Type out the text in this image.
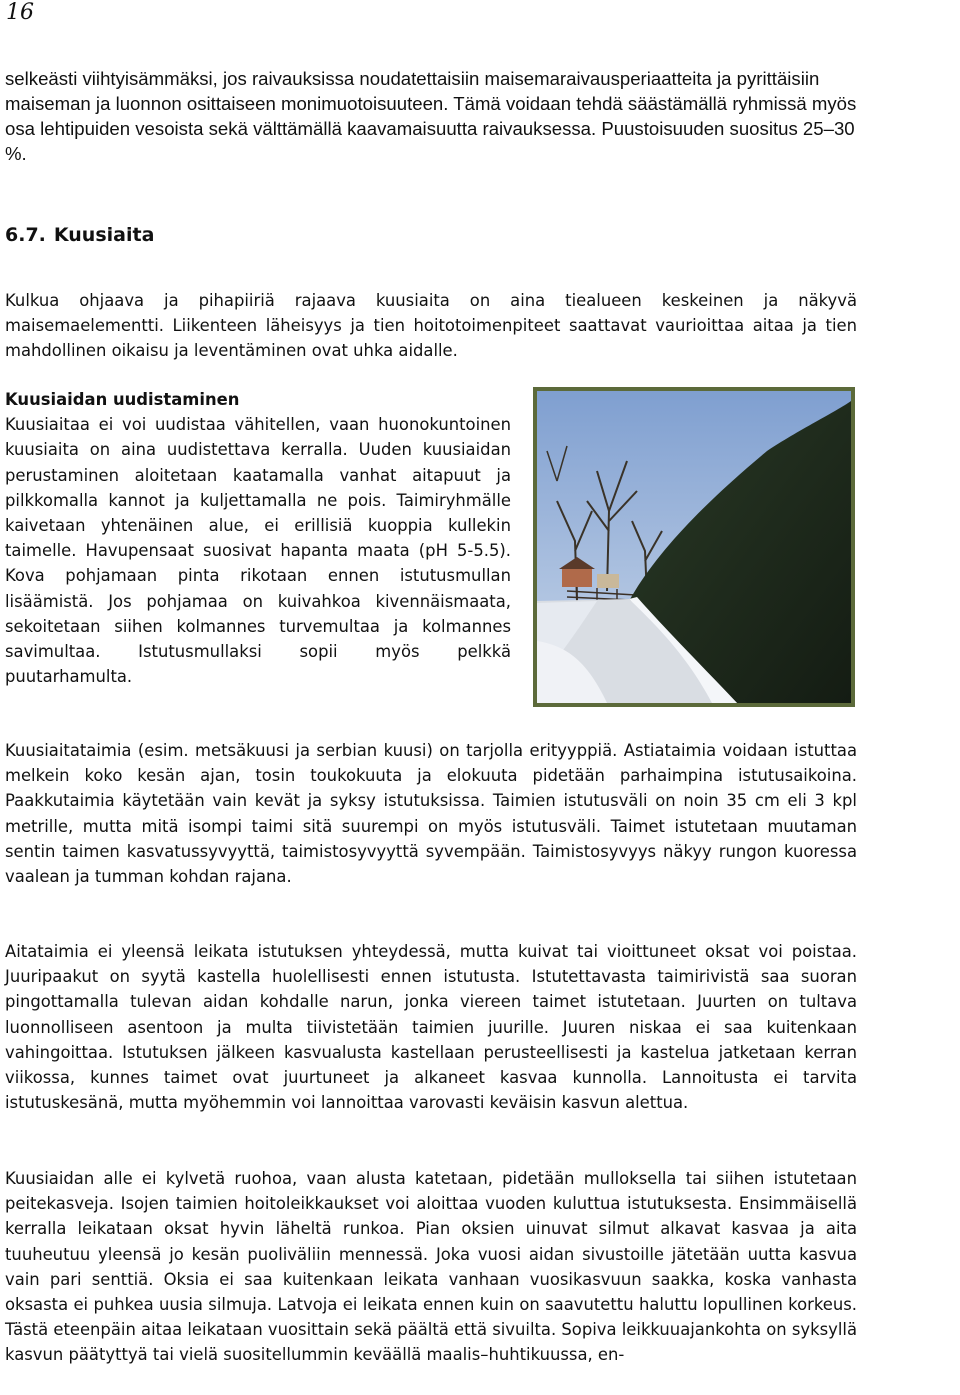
16

selkeästi viihtyisämmäksi, jos raivauksissa noudatettaisiin maisemaraivausperiaatteita ja pyrittäisiin maiseman ja luonnon osittaiseen monimuotoisuuteen. Tämä voidaan tehdä säästämällä ryhmissä myös osa lehtipuiden vesoista sekä välttämällä kaavamaisuutta raivauksessa. Puustoisuuden suositus 25–30 %.

6.7. Kuusiaita

Kulkua ohjaava ja pihapiiriä rajaava kuusiaita on aina tiealueen keskeinen ja näkyvä maisemaelementti. Liikenteen läheisyys ja tien hoitotoimenpiteet saattavat vaurioittaa aitaa ja tien mahdollinen oikaisu ja leventäminen ovat uhka aidalle.

Kuusiaidan uudistaminen
Kuusiaitaa ei voi uudistaa vähitellen, vaan huonokuntoinen kuusiaita on aina uudistettava kerralla. Uuden kuusiaidan perustaminen aloitetaan kaatamalla vanhat aitapuut ja pilkkomalla kannot ja kuljettamalla ne pois. Taimiryhmälle kaivetaan yhtenäinen alue, ei erillisiä kuoppia kullekin taimelle. Havupensaat suosivat hapanta maata (pH 5-5.5). Kova pohjamaan pinta rikotaan ennen istutusmullan lisäämistä. Jos pohjamaa on kuivahkoa kivennäismaata, sekoitetaan siihen kolmannes turvemultaa ja kolmannes savimultaa. Istutusmullaksi sopii myös pelkkä puutarhamulta.

Kuusiaitataimia (esim. metsäkuusi ja serbian kuusi) on tarjolla erityyppiä. Astiataimia voidaan istuttaa melkein koko kesän ajan, tosin toukokuuta ja elokuuta pidetään parhaimpina istutusaikoina. Paakkutaimia käytetään vain kevät ja syksy istutuksissa. Taimien istutusväli on noin 35 cm eli 3 kpl metrille, mutta mitä isompi taimi sitä suurempi on myös istutusväli. Taimet istutetaan muutaman sentin taimen kasvatussyvyyttä, taimistosyvyyttä syvempään. Taimistosyvyys näkyy rungon kuoressa vaalean ja tumman kohdan rajana.

Aitataimia ei yleensä leikata istutuksen yhteydessä, mutta kuivat tai vioittuneet oksat voi poistaa. Juuripaakut on syytä kastella huolellisesti ennen istutusta. Istutettavasta taimirivistä saa suoran pingottamalla tulevan aidan kohdalle narun, jonka viereen taimet istutetaan. Juurten on tultava luonnolliseen asentoon ja multa tiivistetään taimien juurille. Juuren niskaa ei saa kuitenkaan vahingoittaa. Istutuksen jälkeen kasvualusta kastellaan perusteellisesti ja kastelua jatketaan kerran viikossa, kunnes taimet ovat juurtuneet ja alkaneet kasvaa kunnolla. Lannoitusta ei tarvita istutuskesänä, mutta myöhemmin voi lannoittaa varovasti keväisin kasvun alettua.

Kuusiaidan alle ei kylvetä ruohoa, vaan alusta katetaan, pidetään mulloksella tai siihen istutetaan peitekasveja. Isojen taimien hoitoleikkaukset voi aloittaa vuoden kuluttua istutuksesta. Ensimmäisellä kerralla leikataan oksat hyvin läheltä runkoa. Pian oksien uinuvat silmut alkavat kasvaa ja aita tuuheutuu yleensä jo kesän puoliväliin mennessä. Joka vuosi aidan sivustoille jätetään uutta kasvua vain pari senttiä. Oksia ei saa kuitenkaan leikata vanhaan vuosikasvuun saakka, koska vanhasta oksasta ei puhkea uusia silmuja. Latvoja ei leikata ennen kuin on saavutettu haluttu lopullinen korkeus. Tästä eteenpäin aitaa leikataan vuosittain sekä päältä että sivuilta. Sopiva leikkuuajankohta on syksyllä kasvun päätyttyä tai vielä suositellummin keväällä maalis–huhtikuussa, en-
